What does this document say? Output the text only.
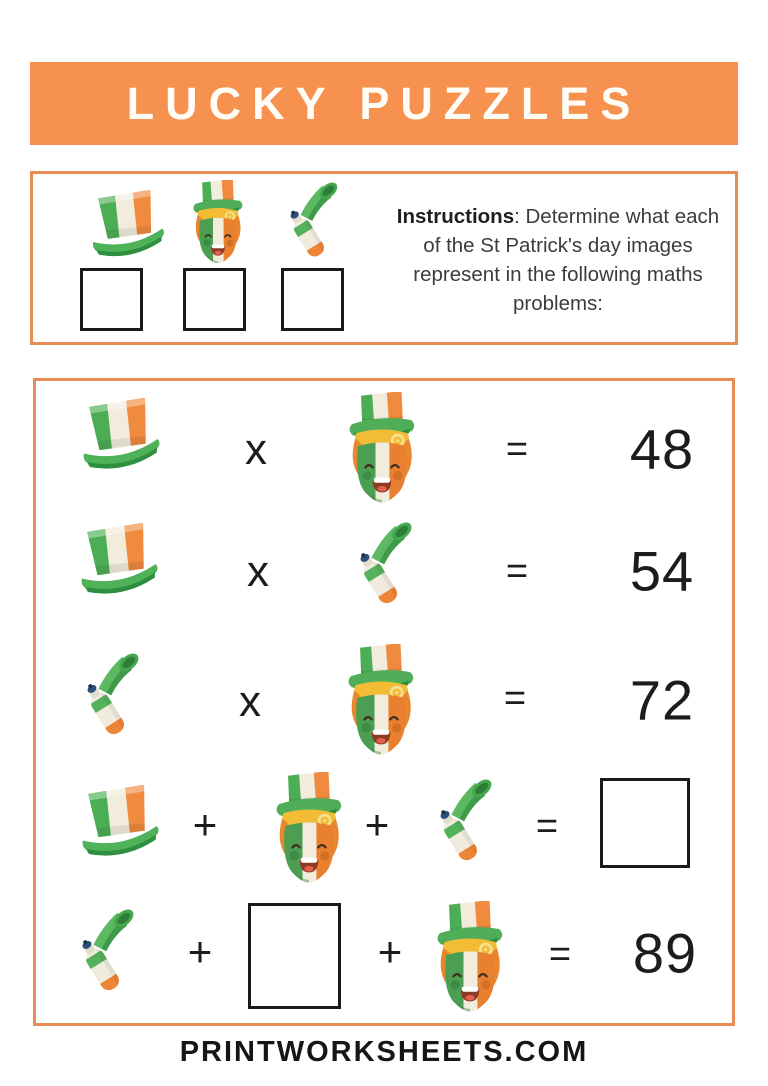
LUCKY PUZZLES

Instructions: Determine what each of the St Patrick's day images represent in the following maths problems:

x	= 48
x	= 54
x	= 72
+	+	=
+	+	= 89
PRINTWORKSHEETS.COM
